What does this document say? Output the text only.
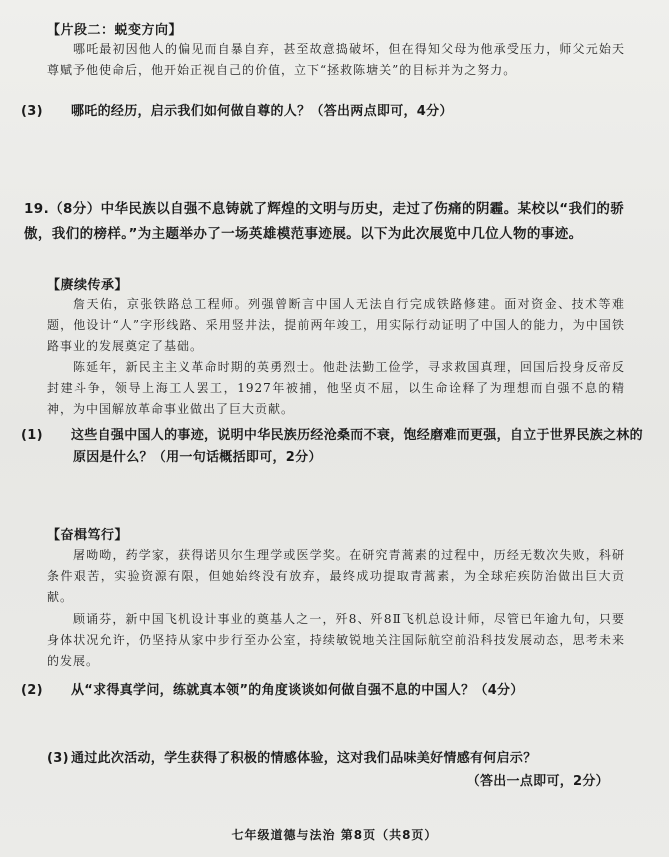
【片段二：蜕变方向】
哪吒最初因他人的偏见而自暴自弃，甚至故意捣破坏，但在得知父母为他承受压力，师父元始天尊赋予他使命后，他开始正视自己的价值，立下“拯救陈塘关”的目标并为之努力。
(3) 哪吒的经历，启示我们如何做自尊的人？（答出两点即可，4分）
19.（8分）中华民族以自强不息铸就了辉煌的文明与历史，走过了伤痛的阴霾。某校以“我们的骄傲，我们的榜样。”为主题举办了一场英雄模范事迹展。以下为此次展览中几位人物的事迹。
【赓续传承】
詹天佑，京张铁路总工程师。列强曾断言中国人无法自行完成铁路修建。面对资金、技术等难题，他设计“人”字形线路、采用竖井法，提前两年竣工，用实际行动证明了中国人的能力，为中国铁路事业的发展奠定了基础。
陈延年，新民主主义革命时期的英勇烈士。他赴法勤工俭学，寻求救国真理，回国后投身反帝反封建斗争，领导上海工人罢工，1927年被捕，他坚贞不屈，以生命诠释了为理想而自强不息的精神，为中国解放革命事业做出了巨大贡献。
(1) 这些自强中国人的事迹，说明中华民族历经沧桑而不衰，饱经磨难而更强，自立于世界民族之林的原因是什么？（用一句话概括即可，2分）
【奋楫笃行】
屠呦呦，药学家，获得诺贝尔生理学或医学奖。在研究青蒿素的过程中，历经无数次失败，科研条件艰苦，实验资源有限，但她始终没有放弃，最终成功提取青蒿素，为全球疟疾防治做出巨大贡献。
顾诵芬，新中国飞机设计事业的奠基人之一，歼8、歼8Ⅱ飞机总设计师，尽管已年逾九旬，只要身体状况允许，仍坚持从家中步行至办公室，持续敏锐地关注国际航空前沿科技发展动态，思考未来的发展。
(2) 从“求得真学问，练就真本领”的角度谈谈如何做自强不息的中国人？（4分）
(3) 通过此次活动，学生获得了积极的情感体验，这对我们品味美好情感有何启示？
（答出一点即可，2分）
七年级道德与法治 第8页（共8页）
